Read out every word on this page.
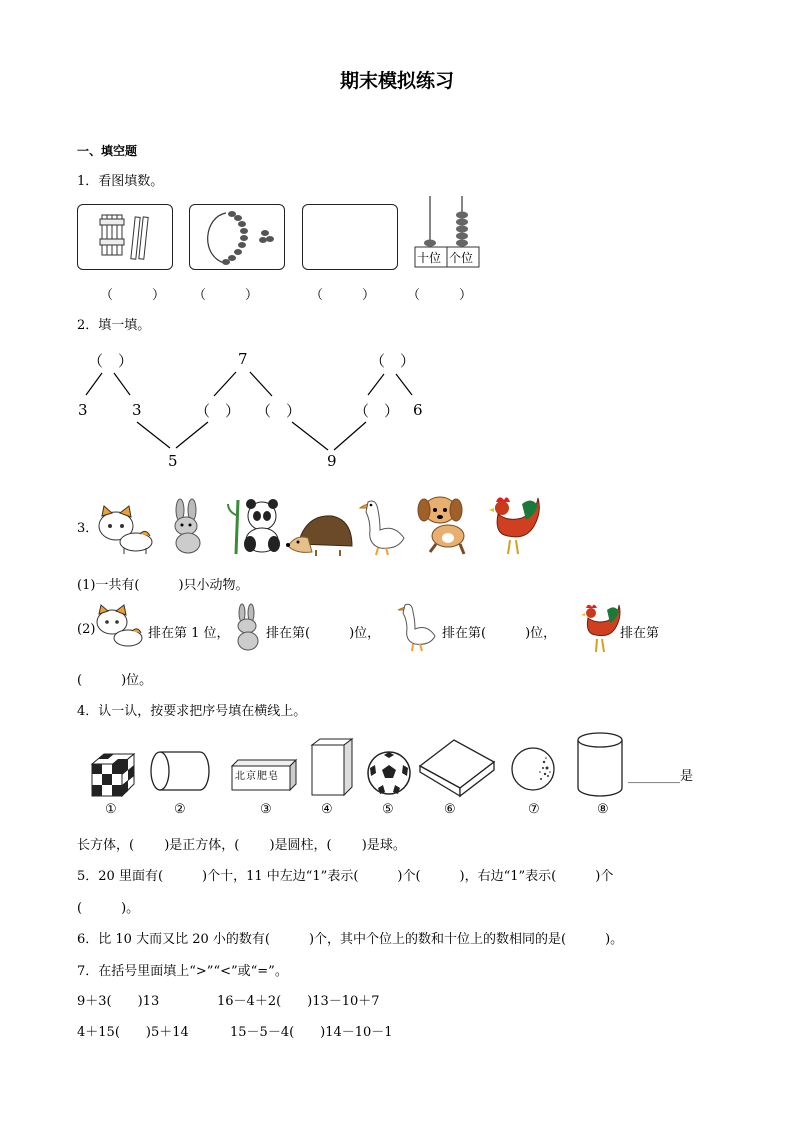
期末模拟练习
一、填空题
1．看图填数。
十位 个位
（　　　） （　　　）	（　　　） （　　　）
2．填一填。
（　）
3	3
7
（　） （　）
（　）
（　） 6
5	9
3．
(1)一共有(　　　)只小动物。
(2)	排在第 1 位，	排在第(　　　)位，	排在第(　　　)位，	排在第
(　　　)位。
4．认一认，按要求把序号填在横线上。
北京肥皂	________是
①	②	③	④	⑤	⑥	⑦	⑧
长方体，(　　 )是正方体，(　　 )是圆柱，(　　 )是球。
5．20 里面有(　　　)个十，11 中左边“1”表示(　　　)个(　　　)，右边“1”表示(　　　)个
(　　　)。
6．比 10 大而又比 20 小的数有(　　　)个，其中个位上的数和十位上的数相同的是(　　　)。
7．在括号里面填上“>”“<”或“=”。
9＋3(　　)13	16－4＋2(　　)13－10＋7
4＋15(　　)5＋14	15－5－4(　　)14－10－1
